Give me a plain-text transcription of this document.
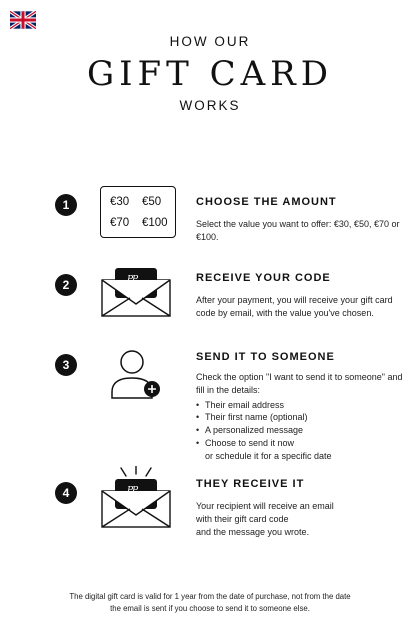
HOW OUR
GIFT CARD
WORKS
1	€30 €50
€70 €100
CHOOSE THE AMOUNT
Select the value you want to offer: €30, €50, €70 or €100.
2	PP	RECEIVE YOUR CODE
After your payment, you will receive your gift card code by email, with the value you've chosen.
3
SEND IT TO SOMEONE
Check the option "I want to send it to someone" and fill in the details:
• Their email address
• Their first name (optional)
• A personalized message
• Choose to send it now
or schedule it for a specific date
4	PP
THEY RECEIVE IT
Your recipient will receive an email
with their gift card code
and the message you wrote.
The digital gift card is valid for 1 year from the date of purchase, not from the date
the email is sent if you choose to send it to someone else.
